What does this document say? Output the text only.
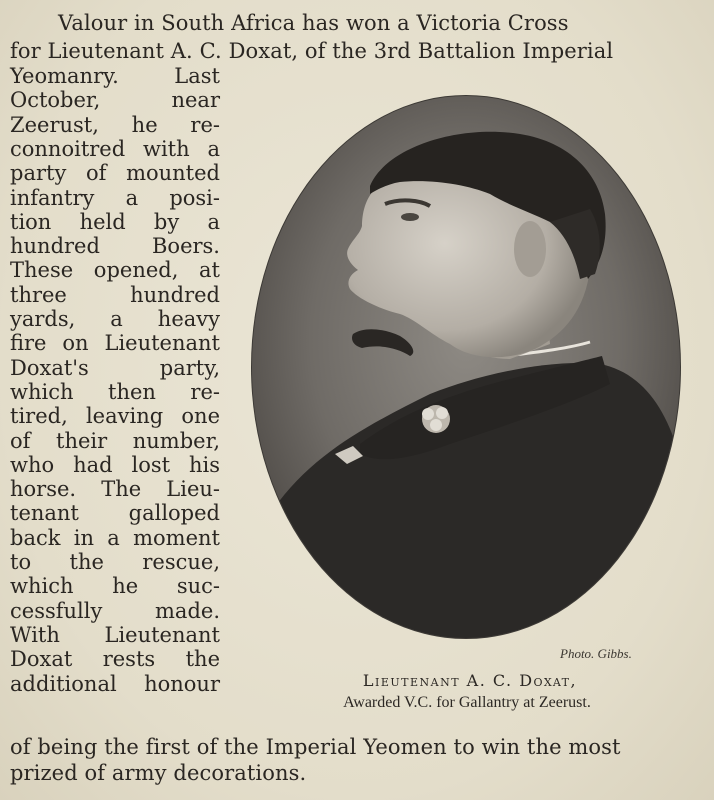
Valour in South Africa has won a Victoria Cross
for Lieutenant A. C. Doxat, of the 3rd Battalion Imperial
Yeomanry. Last
October, near
Zeerust, he re-
connoitred with a
party of mounted
infantry a posi-
tion held by a
hundred Boers.
These opened, at
three hundred
yards, a heavy
fire on Lieutenant
Doxat's party,
which then re-
tired, leaving one
of their number,
who had lost his
horse. The Lieu-
tenant galloped
back in a moment
to the rescue,
which he suc-
cessfully made.
With Lieutenant
Doxat rests the
additional honour
Photo. Gibbs.
Lieutenant A. C. Doxat,
Awarded V.C. for Gallantry at Zeerust.
of being the first of the Imperial Yeomen to win the most
prized of army decorations.
